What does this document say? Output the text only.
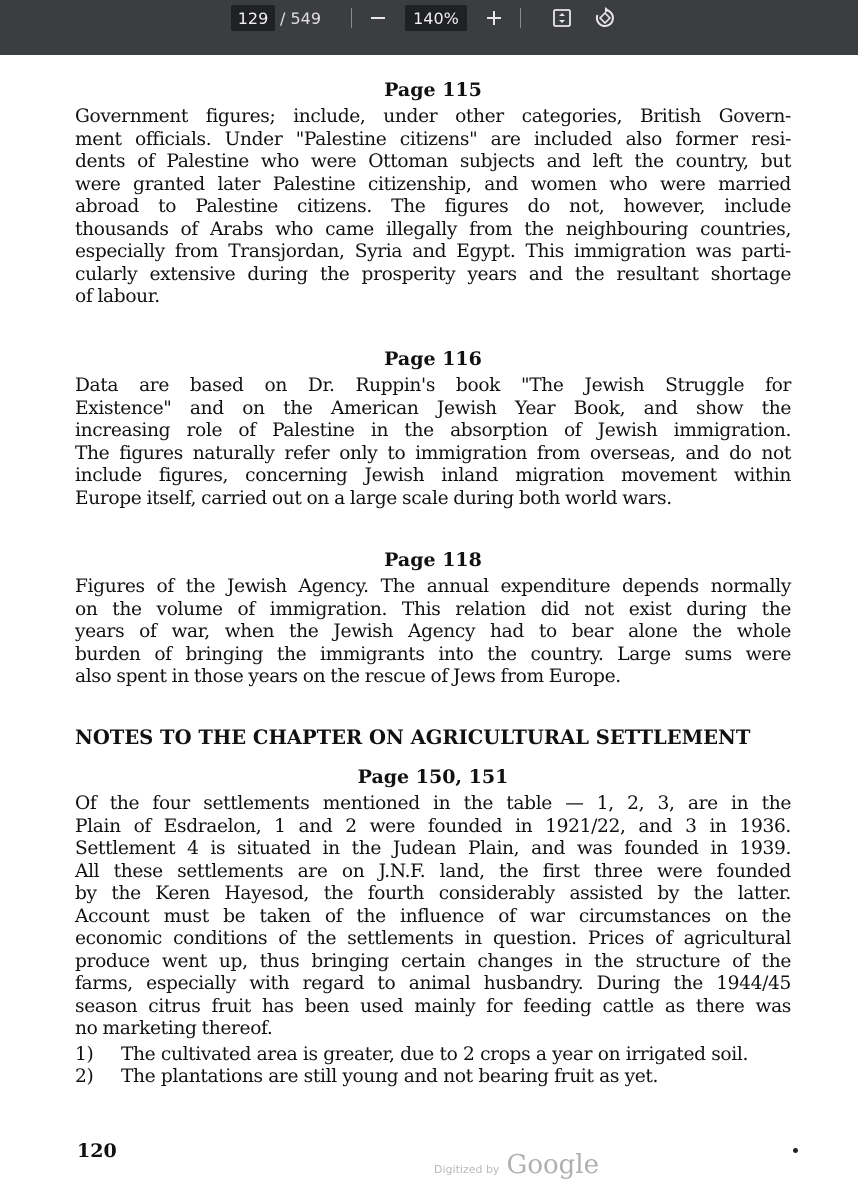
129 /
549	140%

Page 115

Government figures; include, under other categories, British Govern-
ment officials. Under "Palestine citizens" are included also former resi-
dents of Palestine who were Ottoman subjects and left the country, but
were granted later Palestine citizenship, and women who were married
abroad to Palestine citizens. The figures do not, however, include
thousands of Arabs who came illegally from the neighbouring countries,
especially from Transjordan, Syria and Egypt. This immigration was parti-
cularly extensive during the prosperity years and the resultant shortage
of labour.

Page 116

Data are based on Dr. Ruppin's book "The Jewish Struggle for
Existence" and on the American Jewish Year Book, and show the
increasing role of Palestine in the absorption of Jewish immigration.
The figures naturally refer only to immigration from overseas, and do not
include figures, concerning Jewish inland migration movement within
Europe itself, carried out on a large scale during both world wars.

Page 118

Figures of the Jewish Agency. The annual expenditure depends normally
on the volume of immigration. This relation did not exist during the
years of war, when the Jewish Agency had to bear alone the whole
burden of bringing the immigrants into the country. Large sums were
also spent in those years on the rescue of Jews from Europe.

NOTES TO THE CHAPTER ON AGRICULTURAL SETTLEMENT

Page 150, 151

Of the four settlements mentioned in the table — 1, 2, 3, are in the
Plain of Esdraelon, 1 and 2 were founded in 1921/22, and 3 in 1936.
Settlement 4 is situated in the Judean Plain, and was founded in 1939.
All these settlements are on J.N.F. land, the first three were founded
by the Keren Hayesod, the fourth considerably assisted by the latter.
Account must be taken of the influence of war circumstances on the
economic conditions of the settlements in question. Prices of agricultural
produce went up, thus bringing certain changes in the structure of the
farms, especially with regard to animal husbandry. During the 1944/45
season citrus fruit has been used mainly for feeding cattle as there was
no marketing thereof.
1)	The cultivated area is greater, due to 2 crops a year on irrigated soil.
2)	The plantations are still young and not bearing fruit as yet.
120
Digitized by Google
